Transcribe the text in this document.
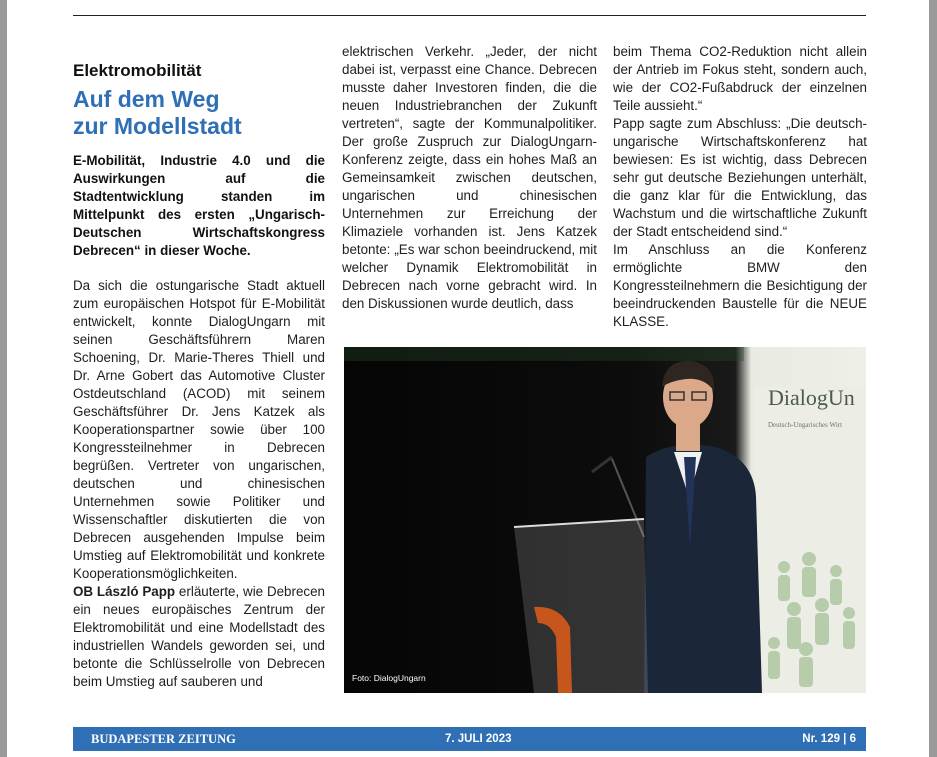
Elektromobilität
Auf dem Weg
zur Modellstadt

E-Mobilität, Industrie 4.0 und die Auswirkungen auf die Stadtentwicklung standen im Mittelpunkt des ersten „Ungarisch-Deutschen Wirtschaftskongress Debrecen“ in dieser Woche.

Da sich die ostungarische Stadt aktuell zum europäischen Hotspot für E-Mobilität entwickelt, konnte DialogUngarn mit seinen Geschäftsführern Maren Schoening, Dr. Marie-Theres Thiell und Dr. Arne Gobert das Automotive Cluster Ostdeutschland (ACOD) mit seinem Geschäftsführer Dr. Jens Katzek als Kooperationspartner sowie über 100 Kongressteilnehmer in Debrecen begrüßen. Vertreter von ungarischen, deutschen und chinesischen Unternehmen sowie Politiker und Wissenschaftler diskutierten die von Debrecen ausgehenden Impulse beim Umstieg auf Elektromobilität und konkrete Kooperationsmöglichkeiten.

OB László Papp erläuterte, wie Debrecen ein neues europäisches Zentrum der Elektromobilität und eine Modellstadt des industriellen Wandels geworden sei, und betonte die Schlüsselrolle von Debrecen beim Umstieg auf sauberen und

elektrischen Verkehr. „Jeder, der nicht dabei ist, verpasst eine Chance. Debrecen musste daher Investoren finden, die die neuen Industriebranchen der Zukunft vertreten“, sagte der Kommunalpolitiker. Der große Zuspruch zur DialogUngarn-Konferenz zeigte, dass ein hohes Maß an Gemeinsamkeit zwischen deutschen, ungarischen und chinesischen Unternehmen zur Erreichung der Klimaziele vorhanden ist. Jens Katzek betonte: „Es war schon beeindruckend, mit welcher Dynamik Elektromobilität in Debrecen nach vorne gebracht wird. In den Diskussionen wurde deutlich, dass

beim Thema CO2-Reduktion nicht allein der Antrieb im Fokus steht, sondern auch, wie der CO2-Fußabdruck der einzelnen Teile aussieht.“

Papp sagte zum Abschluss: „Die deutsch-ungarische Wirtschaftskonferenz hat bewiesen: Es ist wichtig, dass Debrecen sehr gut deutsche Beziehungen unterhält, die ganz klar für die Entwicklung, das Wachstum und die wirtschaftliche Zukunft der Stadt entscheidend sind.“

Im Anschluss an die Konferenz ermöglichte BMW den Kongressteilnehmern die Besichtigung der beeindruckenden Baustelle für die NEUE KLASSE.

DialogUn
Deutsch-Ungarisches Wirt
Foto: DialogUngarn
BUDAPESTER ZEITUNG	7. JULI 2023	Nr. 129 | 6
